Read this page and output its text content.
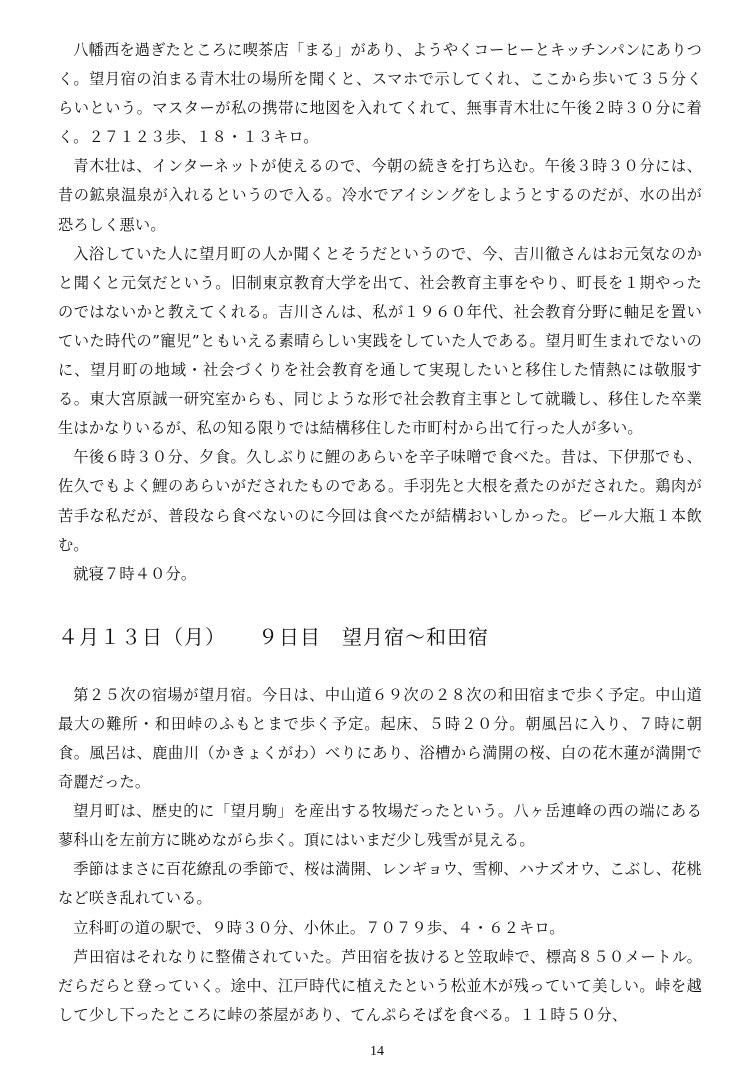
八幡西を過ぎたところに喫茶店「まる」があり、ようやくコーヒーとキッチンパンにありつく。望月宿の泊まる青木壮の場所を聞くと、スマホで示してくれ、ここから歩いて３５分くらいという。マスターが私の携帯に地図を入れてくれて、無事青木壮に午後２時３０分に着く。２７１２３歩、１８・１３キロ。

青木壮は、インターネットが使えるので、今朝の続きを打ち込む。午後３時３０分には、昔の鉱泉温泉が入れるというので入る。冷水でアイシングをしようとするのだが、水の出が恐ろしく悪い。

入浴していた人に望月町の人か聞くとそうだというので、今、吉川徹さんはお元気なのかと聞くと元気だという。旧制東京教育大学を出て、社会教育主事をやり、町長を１期やったのではないかと教えてくれる。吉川さんは、私が１９６０年代、社会教育分野に軸足を置いていた時代の”寵児”ともいえる素晴らしい実践をしていた人である。望月町生まれでないのに、望月町の地域・社会づくりを社会教育を通して実現したいと移住した情熱には敬服する。東大宮原誠一研究室からも、同じような形で社会教育主事として就職し、移住した卒業生はかなりいるが、私の知る限りでは結構移住した市町村から出て行った人が多い。

午後６時３０分、夕食。久しぶりに鯉のあらいを辛子味噌で食べた。昔は、下伊那でも、佐久でもよく鯉のあらいがだされたものである。手羽先と大根を煮たのがだされた。鶏肉が苦手な私だが、普段なら食べないのに今回は食べたが結構おいしかった。ビール大瓶１本飲む。

就寝７時４０分。

４月１３日（月）　　９日目　望月宿～和田宿

第２５次の宿場が望月宿。今日は、中山道６９次の２８次の和田宿まで歩く予定。中山道最大の難所・和田峠のふもとまで歩く予定。起床、５時２０分。朝風呂に入り、７時に朝食。風呂は、鹿曲川（かきょくがわ）べりにあり、浴槽から満開の桜、白の花木蓮が満開で奇麗だった。

望月町は、歴史的に「望月駒」を産出する牧場だったという。八ヶ岳連峰の西の端にある蓼科山を左前方に眺めながら歩く。頂にはいまだ少し残雪が見える。

季節はまさに百花繚乱の季節で、桜は満開、レンギョウ、雪柳、ハナズオウ、こぶし、花桃など咲き乱れている。

立科町の道の駅で、９時３０分、小休止。７０７９歩、４・６２キロ。

芦田宿はそれなりに整備されていた。芦田宿を抜けると笠取峠で、標高８５０メートル。だらだらと登っていく。途中、江戸時代に植えたという松並木が残っていて美しい。峠を越して少し下ったところに峠の茶屋があり、てんぷらそばを食べる。１１時５０分、

14
